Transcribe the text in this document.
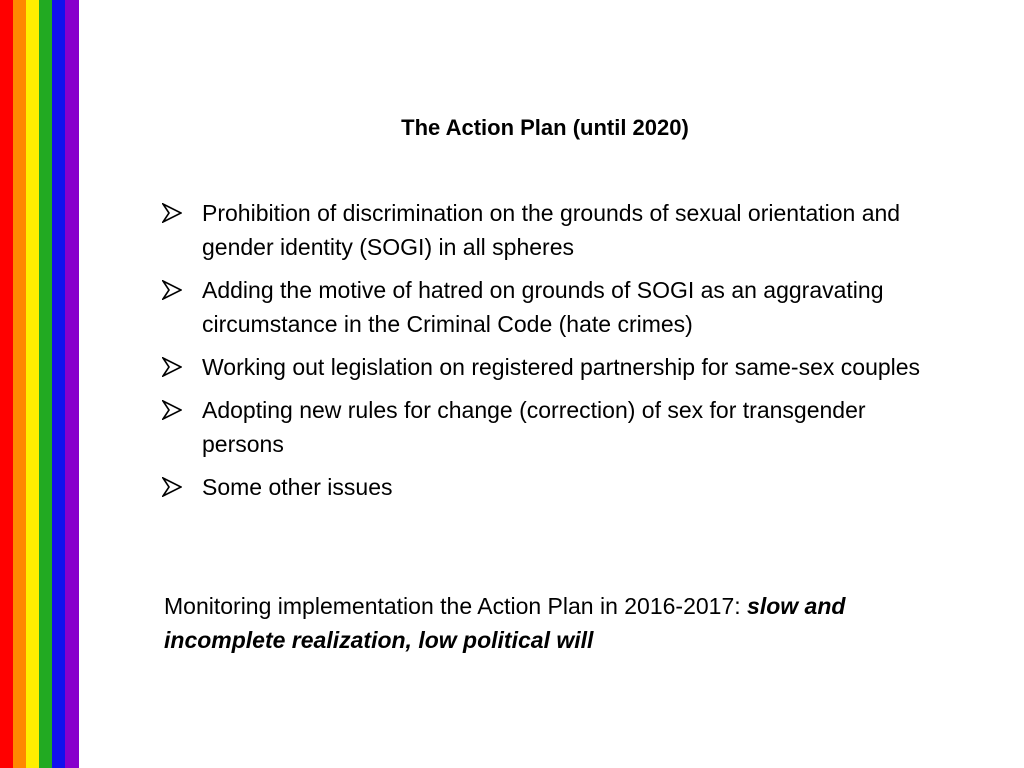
The Action Plan (until 2020)
Prohibition of discrimination on the grounds of sexual orientation and gender identity (SOGI) in all spheres
Adding the motive of hatred on grounds of SOGI as an aggravating circumstance in the Criminal Code (hate crimes)
Working out legislation on registered partnership for same-sex couples
Adopting new rules for change (correction) of sex for transgender persons
Some other issues
Monitoring implementation the Action Plan in 2016-2017: slow and incomplete realization, low political will
